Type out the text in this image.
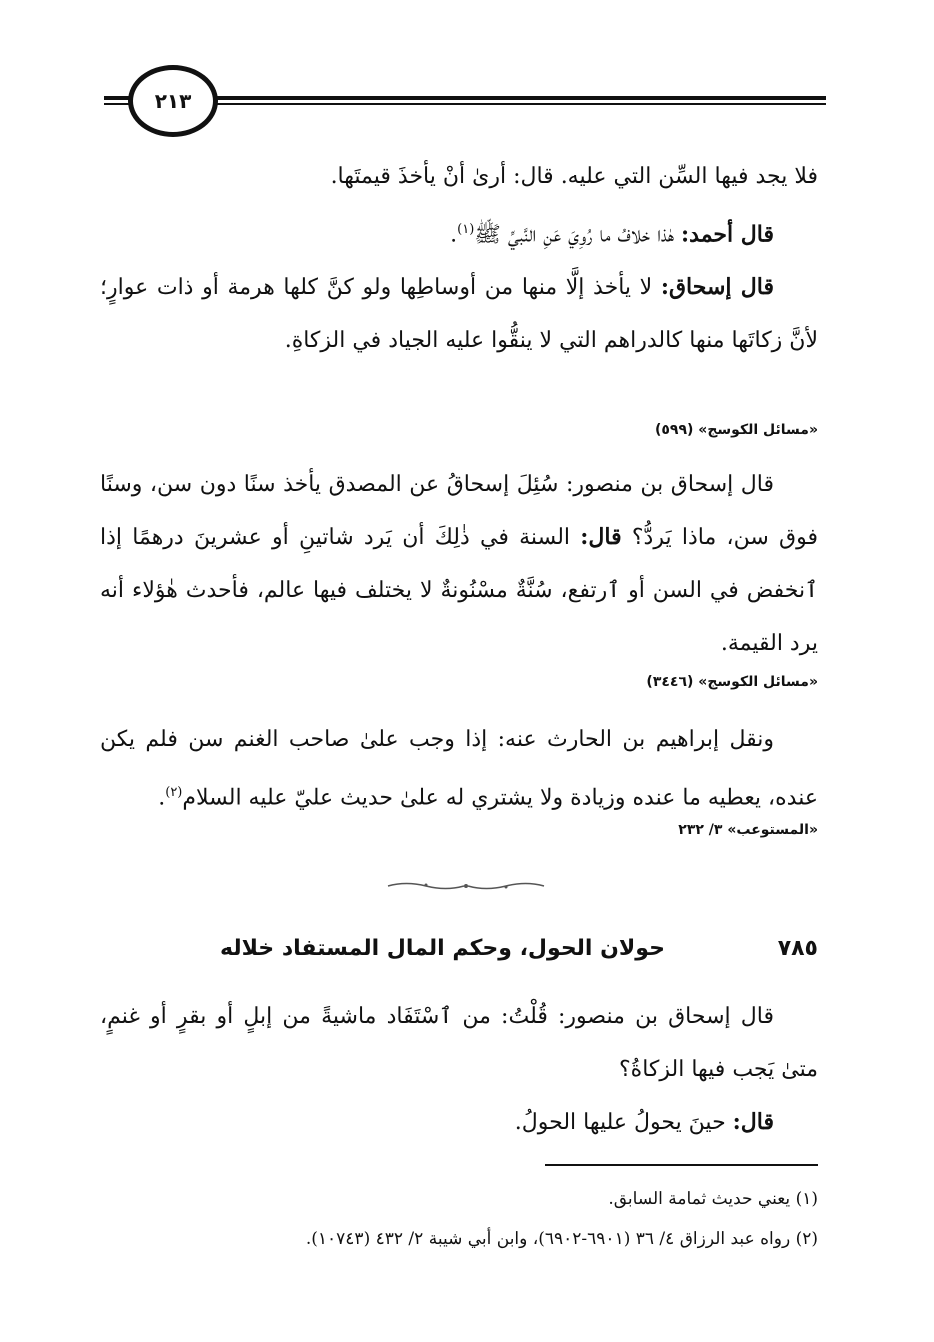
٢١٣
فلا يجد فيها السِّن التي عليه. قال: أرىٰ أنْ يأخذَ قيمتَها.
قال أحمد: هٰذا خلافُ ما رُوِيَ عَنِ النَّبيِّ ﷺ$^{(١)}$.
قال إسحاق: لا يأخذ إلَّا منها من أوساطِها ولو كنَّ كلها هرمة أو ذات عوارٍ؛ لأنَّ زكاتَها منها كالدراهم التي لا ينقُّوا عليه الجياد في الزكاةِ.
«مسائل الكوسج» (٥٩٩)
قال إسحاق بن منصور: سُئِلَ إسحاقُ عن المصدق يأخذ سنًا دون سن، وسنًا فوق سن، ماذا يَردُّ؟ قال: السنة في ذٰلِكَ أن يَرد شاتينِ أو عشرينَ درهمًا إذا ٱنخفض في السن أو ٱرتفع، سُنَّةٌ مسْنُونةٌ لا يختلف فيها عالم، فأحدث هٰؤلاء أنه يرد القيمة.
«مسائل الكوسج» (٣٤٤٦)
ونقل إبراهيم بن الحارث عنه: إذا وجب علىٰ صاحب الغنم سن فلم يكن عنده، يعطيه ما عنده وزيادة ولا يشتري له علىٰ حديث عليّ عليه السلام$^{(٢)}$.
«المستوعب» ٣/ ٢٣٢
٧٨٥
حولان الحول، وحكم المال المستفاد خلاله
قال إسحاق بن منصور: قُلْتُ: من ٱسْتَفَاد ماشيةً من إبلٍ أو بقرٍ أو غنمٍ، متىٰ يَجب فيها الزكاةُ؟
قال: حينَ يحولُ عليها الحولُ.
(١) يعني حديث ثمامة السابق.
(٢) رواه عبد الرزاق ٤/ ٣٦ (٦٩٠١-٦٩٠٢)، وابن أبي شيبة ٢/ ٤٣٢ (١٠٧٤٣).
